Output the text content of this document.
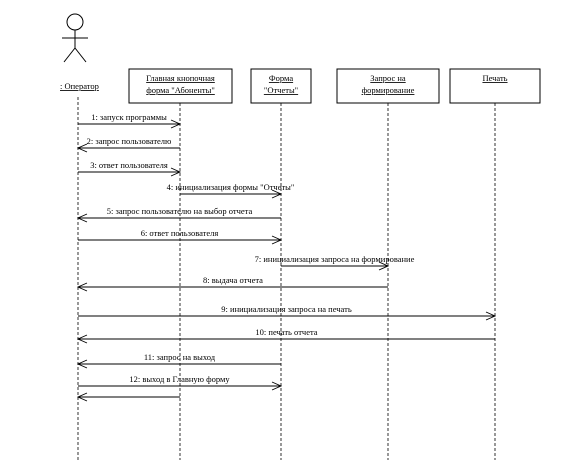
: Оператор
Главная кнопочная
форма "Абоненты"
Форма
"Отчеты"
Запрос на
формирование
Печать
1: запуск программы
2: запрос пользователю
3: ответ пользователя
4: инициализация формы "Отчеты"
5: запрос пользователю на выбор отчета
6: ответ пользователя
7: инициализация запроса на формирование
8: выдача отчета
9: инициализация запроса на печать
10: печать отчета
11: запрос на выход
12: выход в Главную форму
